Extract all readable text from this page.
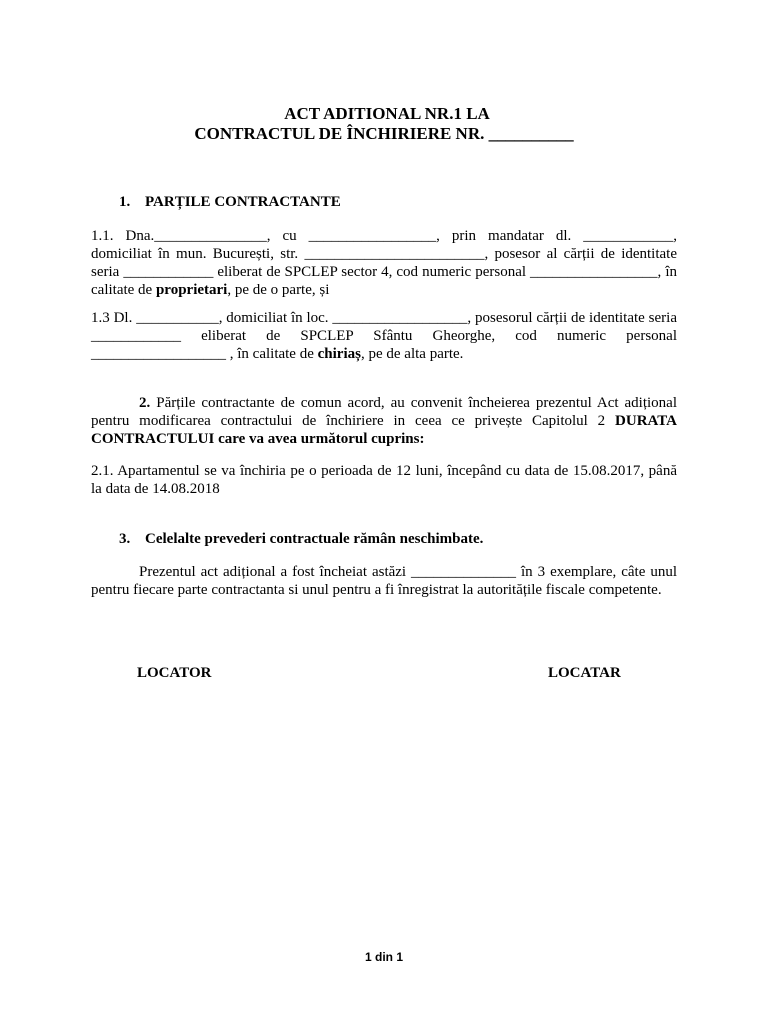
ACT ADITIONAL NR.1 LA
CONTRACTUL DE ÎNCHIRIERE NR. __________
1. PARȚILE CONTRACTANTE
1.1. Dna._______________, cu _________________, prin mandatar dl. ____________, domiciliat în mun. București, str. ________________________, posesor al cărții de identitate seria ____________ eliberat de SPCLEP sector 4, cod numeric personal _________________, în calitate de proprietari, pe de o parte, și
1.3 Dl. ___________, domiciliat în loc. __________________, posesorul cărții de identitate seria ____________ eliberat de SPCLEP Sfântu Gheorghe, cod numeric personal __________________ , în calitate de chiriaș, pe de alta parte.
2. Părțile contractante de comun acord, au convenit încheierea prezentul Act adițional pentru modificarea contractului de închiriere in ceea ce privește Capitolul 2 DURATA CONTRACTULUI care va avea următorul cuprins:
2.1. Apartamentul se va închiria pe o perioada de 12 luni, începând cu data de 15.08.2017, până la data de 14.08.2018
3. Celelalte prevederi contractuale rămân neschimbate.
Prezentul act adițional a fost încheiat astăzi ______________ în 3 exemplare, câte unul pentru fiecare parte contractanta si unul pentru a fi înregistrat la autoritățile fiscale competente.
LOCATOR	LOCATAR
1 din 1
